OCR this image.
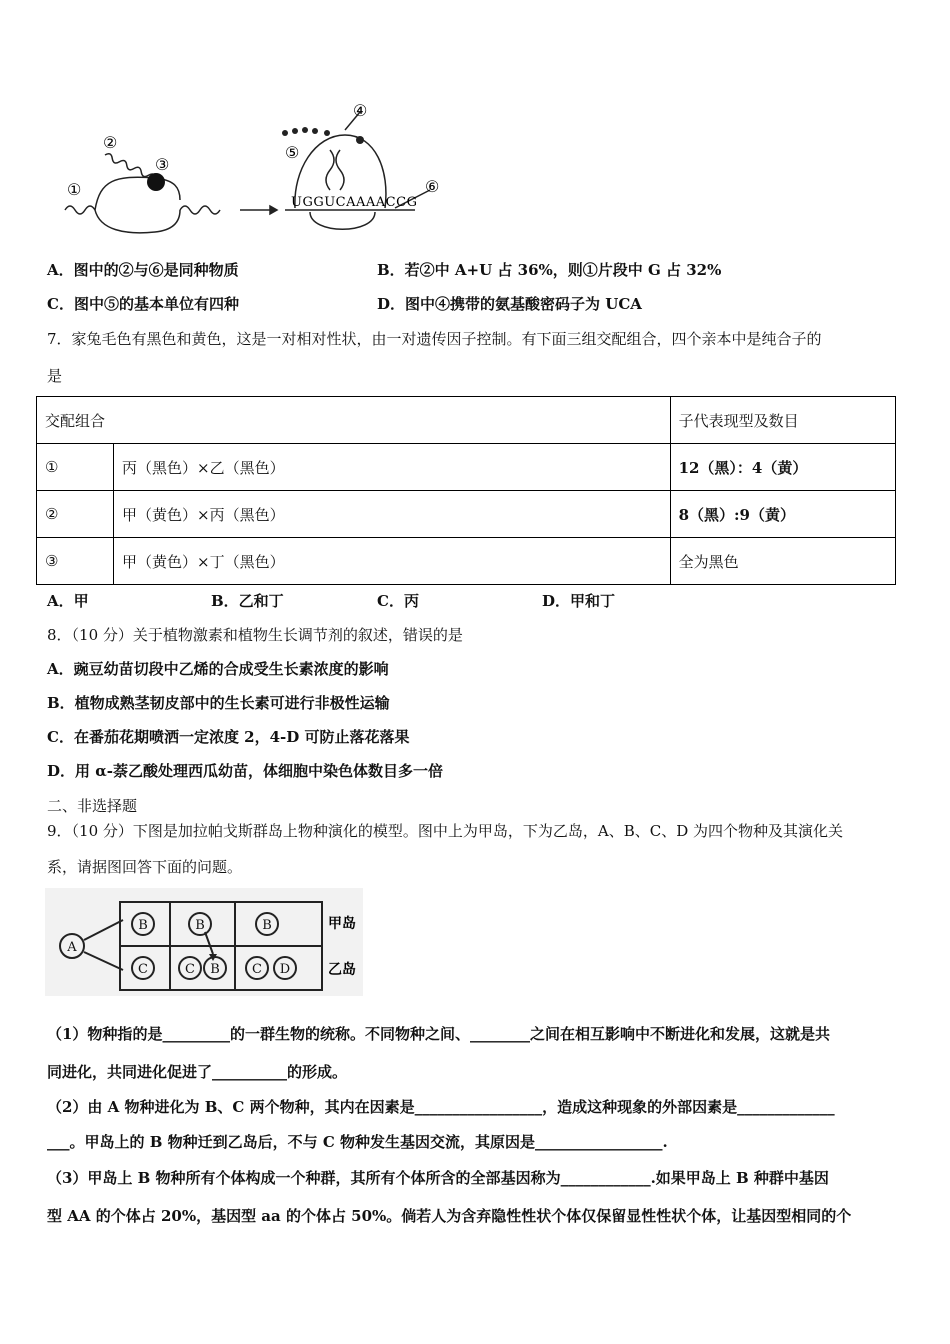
①
②
③
④
⑤
⑥
UGGUCAAAACCG
A．图中的②与⑥是同种物质	B．若②中 A+U 占 36%，则①片段中 G 占 32%
C．图中⑤的基本单位有四种	D．图中④携带的氨基酸密码子为 UCA
7．家兔毛色有黑色和黄色，这是一对相对性状，由一对遗传因子控制。有下面三组交配组合，四个亲本中是纯合子的
是
交配组合		子代表现型及数目
①	丙（黑色）×乙（黑色）	12（黑）：4（黄）
②	甲（黄色）×丙（黑色）	8（黑）:9（黄）
③	甲（黄色）×丁（黑色）	全为黑色
A．甲	B．乙和丁	C．丙	D．甲和丁
8．（10 分）关于植物激素和植物生长调节剂的叙述，错误的是
A．豌豆幼苗切段中乙烯的合成受生长素浓度的影响
B．植物成熟茎韧皮部中的生长素可进行非极性运输
C．在番茄花期喷洒一定浓度 2，4-D 可防止落花落果
D．用 α-萘乙酸处理西瓜幼苗，体细胞中染色体数目多一倍
二、非选择题
9．（10 分）下图是加拉帕戈斯群岛上物种演化的模型。图中上为甲岛，下为乙岛，A、B、C、D 为四个物种及其演化关
系，请据图回答下面的问题。
A
B	B	B
C	C B C D
甲岛
乙岛
（1）物种指的是_________的一群生物的统称。不同物种之间、________之间在相互影响中不断进化和发展，这就是共
同进化，共同进化促进了__________的形成。
（2）由 A 物种进化为 B、C 两个物种，其内在因素是_________________，造成这种现象的外部因素是_____________
___。甲岛上的 B 物种迁到乙岛后，不与 C 物种发生基因交流，其原因是_________________.
（3）甲岛上 B 物种所有个体构成一个种群，其所有个体所含的全部基因称为____________.如果甲岛上 B 种群中基因
型 AA 的个体占 20%，基因型 aa 的个体占 50%。倘若人为含弃隐性性状个体仅保留显性性状个体，让基因型相同的个
